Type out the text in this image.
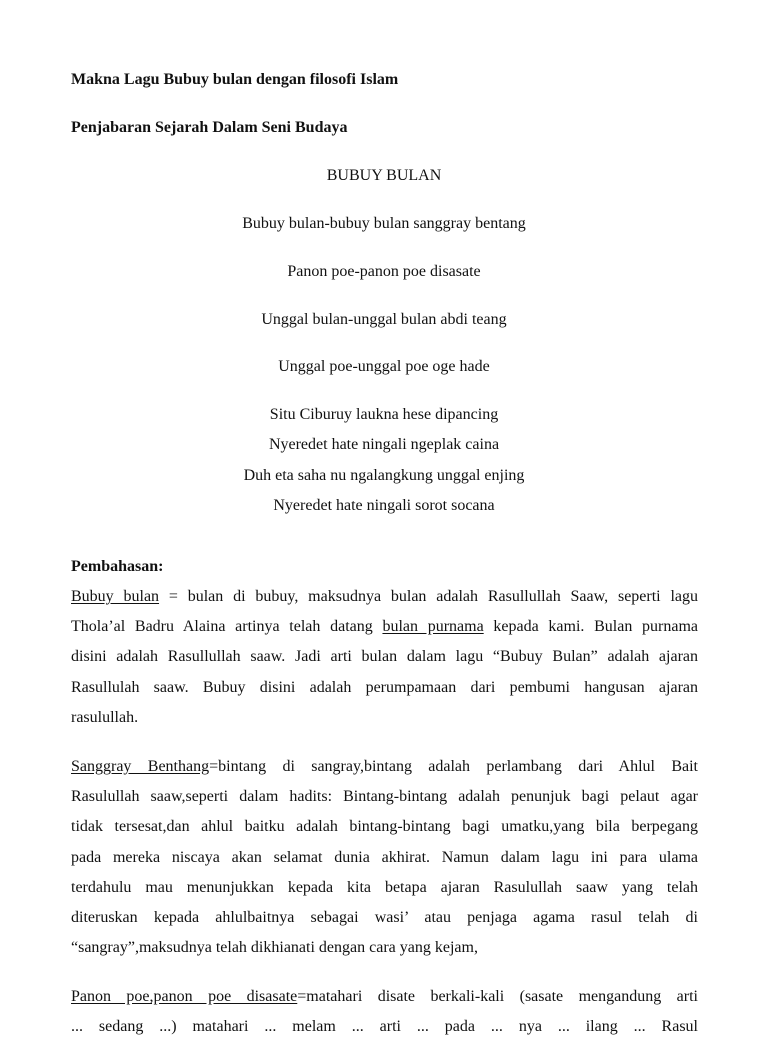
Makna Lagu Bubuy bulan dengan filosofi Islam
Penjabaran Sejarah Dalam Seni Budaya
BUBUY BULAN
Bubuy bulan-bubuy bulan sanggray bentang
Panon poe-panon poe disasate
Unggal bulan-unggal bulan abdi teang
Unggal poe-unggal poe oge hade
Situ Ciburuy laukna hese dipancing
Nyeredet hate ningali ngeplak caina
Duh eta saha nu ngalangkung unggal enjing
Nyeredet hate ningali sorot socana
Pembahasan:
Bubuy bulan = bulan di bubuy, maksudnya bulan adalah Rasullullah Saaw, seperti lagu
Thola’al Badru Alaina artinya telah datang bulan purnama kepada kami. Bulan purnama
disini adalah Rasullullah saaw. Jadi arti bulan dalam lagu “Bubuy Bulan” adalah ajaran
Rasullulah saaw. Bubuy disini adalah perumpamaan dari pembumi hangusan ajaran
rasulullah.
Sanggray Benthang=bintang di sangray,bintang adalah perlambang dari Ahlul Bait
Rasulullah saaw,seperti dalam hadits: Bintang-bintang adalah penunjuk bagi pelaut agar
tidak tersesat,dan ahlul baitku adalah bintang-bintang bagi umatku,yang bila berpegang
pada mereka niscaya akan selamat dunia akhirat. Namun dalam lagu ini para ulama
terdahulu mau menunjukkan kepada kita betapa ajaran Rasulullah saaw yang telah
diteruskan kepada ahlulbaitnya sebagai wasi’ atau penjaga agama rasul telah di
“sangray”,maksudnya telah dikhianati dengan cara yang kejam,
Panon poe,panon poe disasate=matahari disate berkali-kali (sasate mengandung arti
... sedang ...) matahari ... melam ... arti ... pada ... nya ... ilang ... Rasul
